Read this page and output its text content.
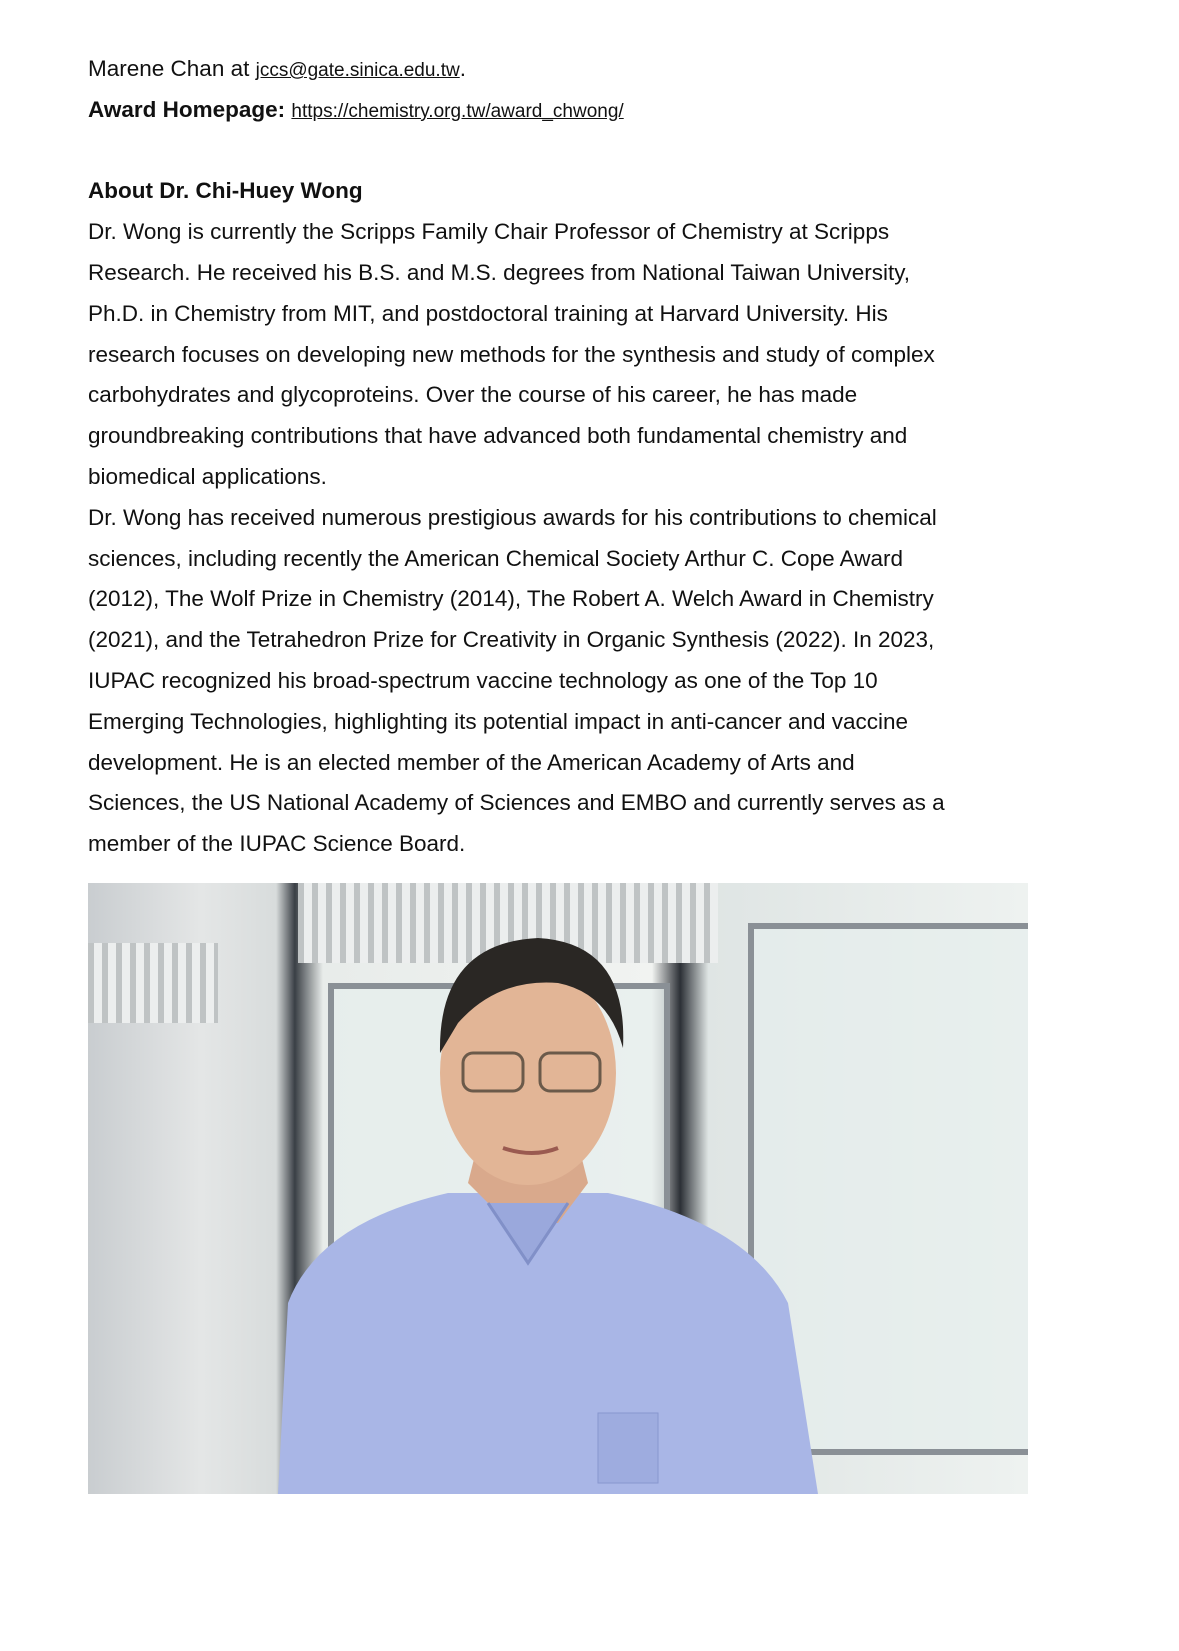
Marene Chan at jccs@gate.sinica.edu.tw.
Award Homepage: https://chemistry.org.tw/award_chwong/
About Dr. Chi-Huey Wong
Dr. Wong is currently the Scripps Family Chair Professor of Chemistry at Scripps
Research. He received his B.S. and M.S. degrees from National Taiwan University,
Ph.D. in Chemistry from MIT, and postdoctoral training at Harvard University. His
research focuses on developing new methods for the synthesis and study of complex
carbohydrates and glycoproteins. Over the course of his career, he has made
groundbreaking contributions that have advanced both fundamental chemistry and
biomedical applications.
Dr. Wong has received numerous prestigious awards for his contributions to chemical
sciences, including recently the American Chemical Society Arthur C. Cope Award
(2012), The Wolf Prize in Chemistry (2014), The Robert A. Welch Award in Chemistry
(2021), and the Tetrahedron Prize for Creativity in Organic Synthesis (2022). In 2023,
IUPAC recognized his broad-spectrum vaccine technology as one of the Top 10
Emerging Technologies, highlighting its potential impact in anti-cancer and vaccine
development. He is an elected member of the American Academy of Arts and
Sciences, the US National Academy of Sciences and EMBO and currently serves as a
member of the IUPAC Science Board.
